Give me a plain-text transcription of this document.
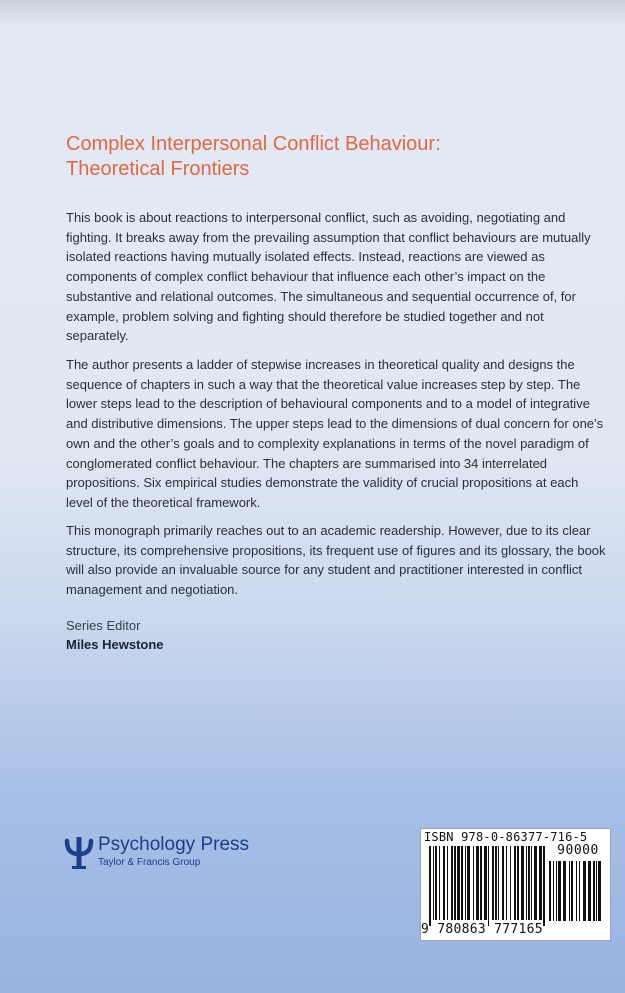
Complex Interpersonal Conflict Behaviour:
Theoretical Frontiers
This book is about reactions to interpersonal conflict, such as avoiding, negotiating and fighting. It breaks away from the prevailing assumption that conflict behaviours are mutually isolated reactions having mutually isolated effects. Instead, reactions are viewed as components of complex conflict behaviour that influence each other’s impact on the substantive and relational outcomes. The simultaneous and sequential occurrence of, for example, problem solving and fighting should therefore be studied together and not separately.
The author presents a ladder of stepwise increases in theoretical quality and designs the sequence of chapters in such a way that the theoretical value increases step by step. The lower steps lead to the description of behavioural components and to a model of integrative and distributive dimensions. The upper steps lead to the dimensions of dual concern for one’s own and the other’s goals and to complexity explanations in terms of the novel paradigm of conglomerated conflict behaviour. The chapters are summarised into 34 interrelated propositions. Six empirical studies demonstrate the validity of crucial propositions at each level of the theoretical framework.
This monograph primarily reaches out to an academic readership. However, due to its clear structure, its comprehensive propositions, its frequent use of figures and its glossary, the book will also provide an invaluable source for any student and practitioner interested in conflict management and negotiation.
Series Editor
Miles Hewstone
Psychology Press
Taylor & Francis Group
ISBN 978-0-86377-716-5
90000
9 780863 777165
